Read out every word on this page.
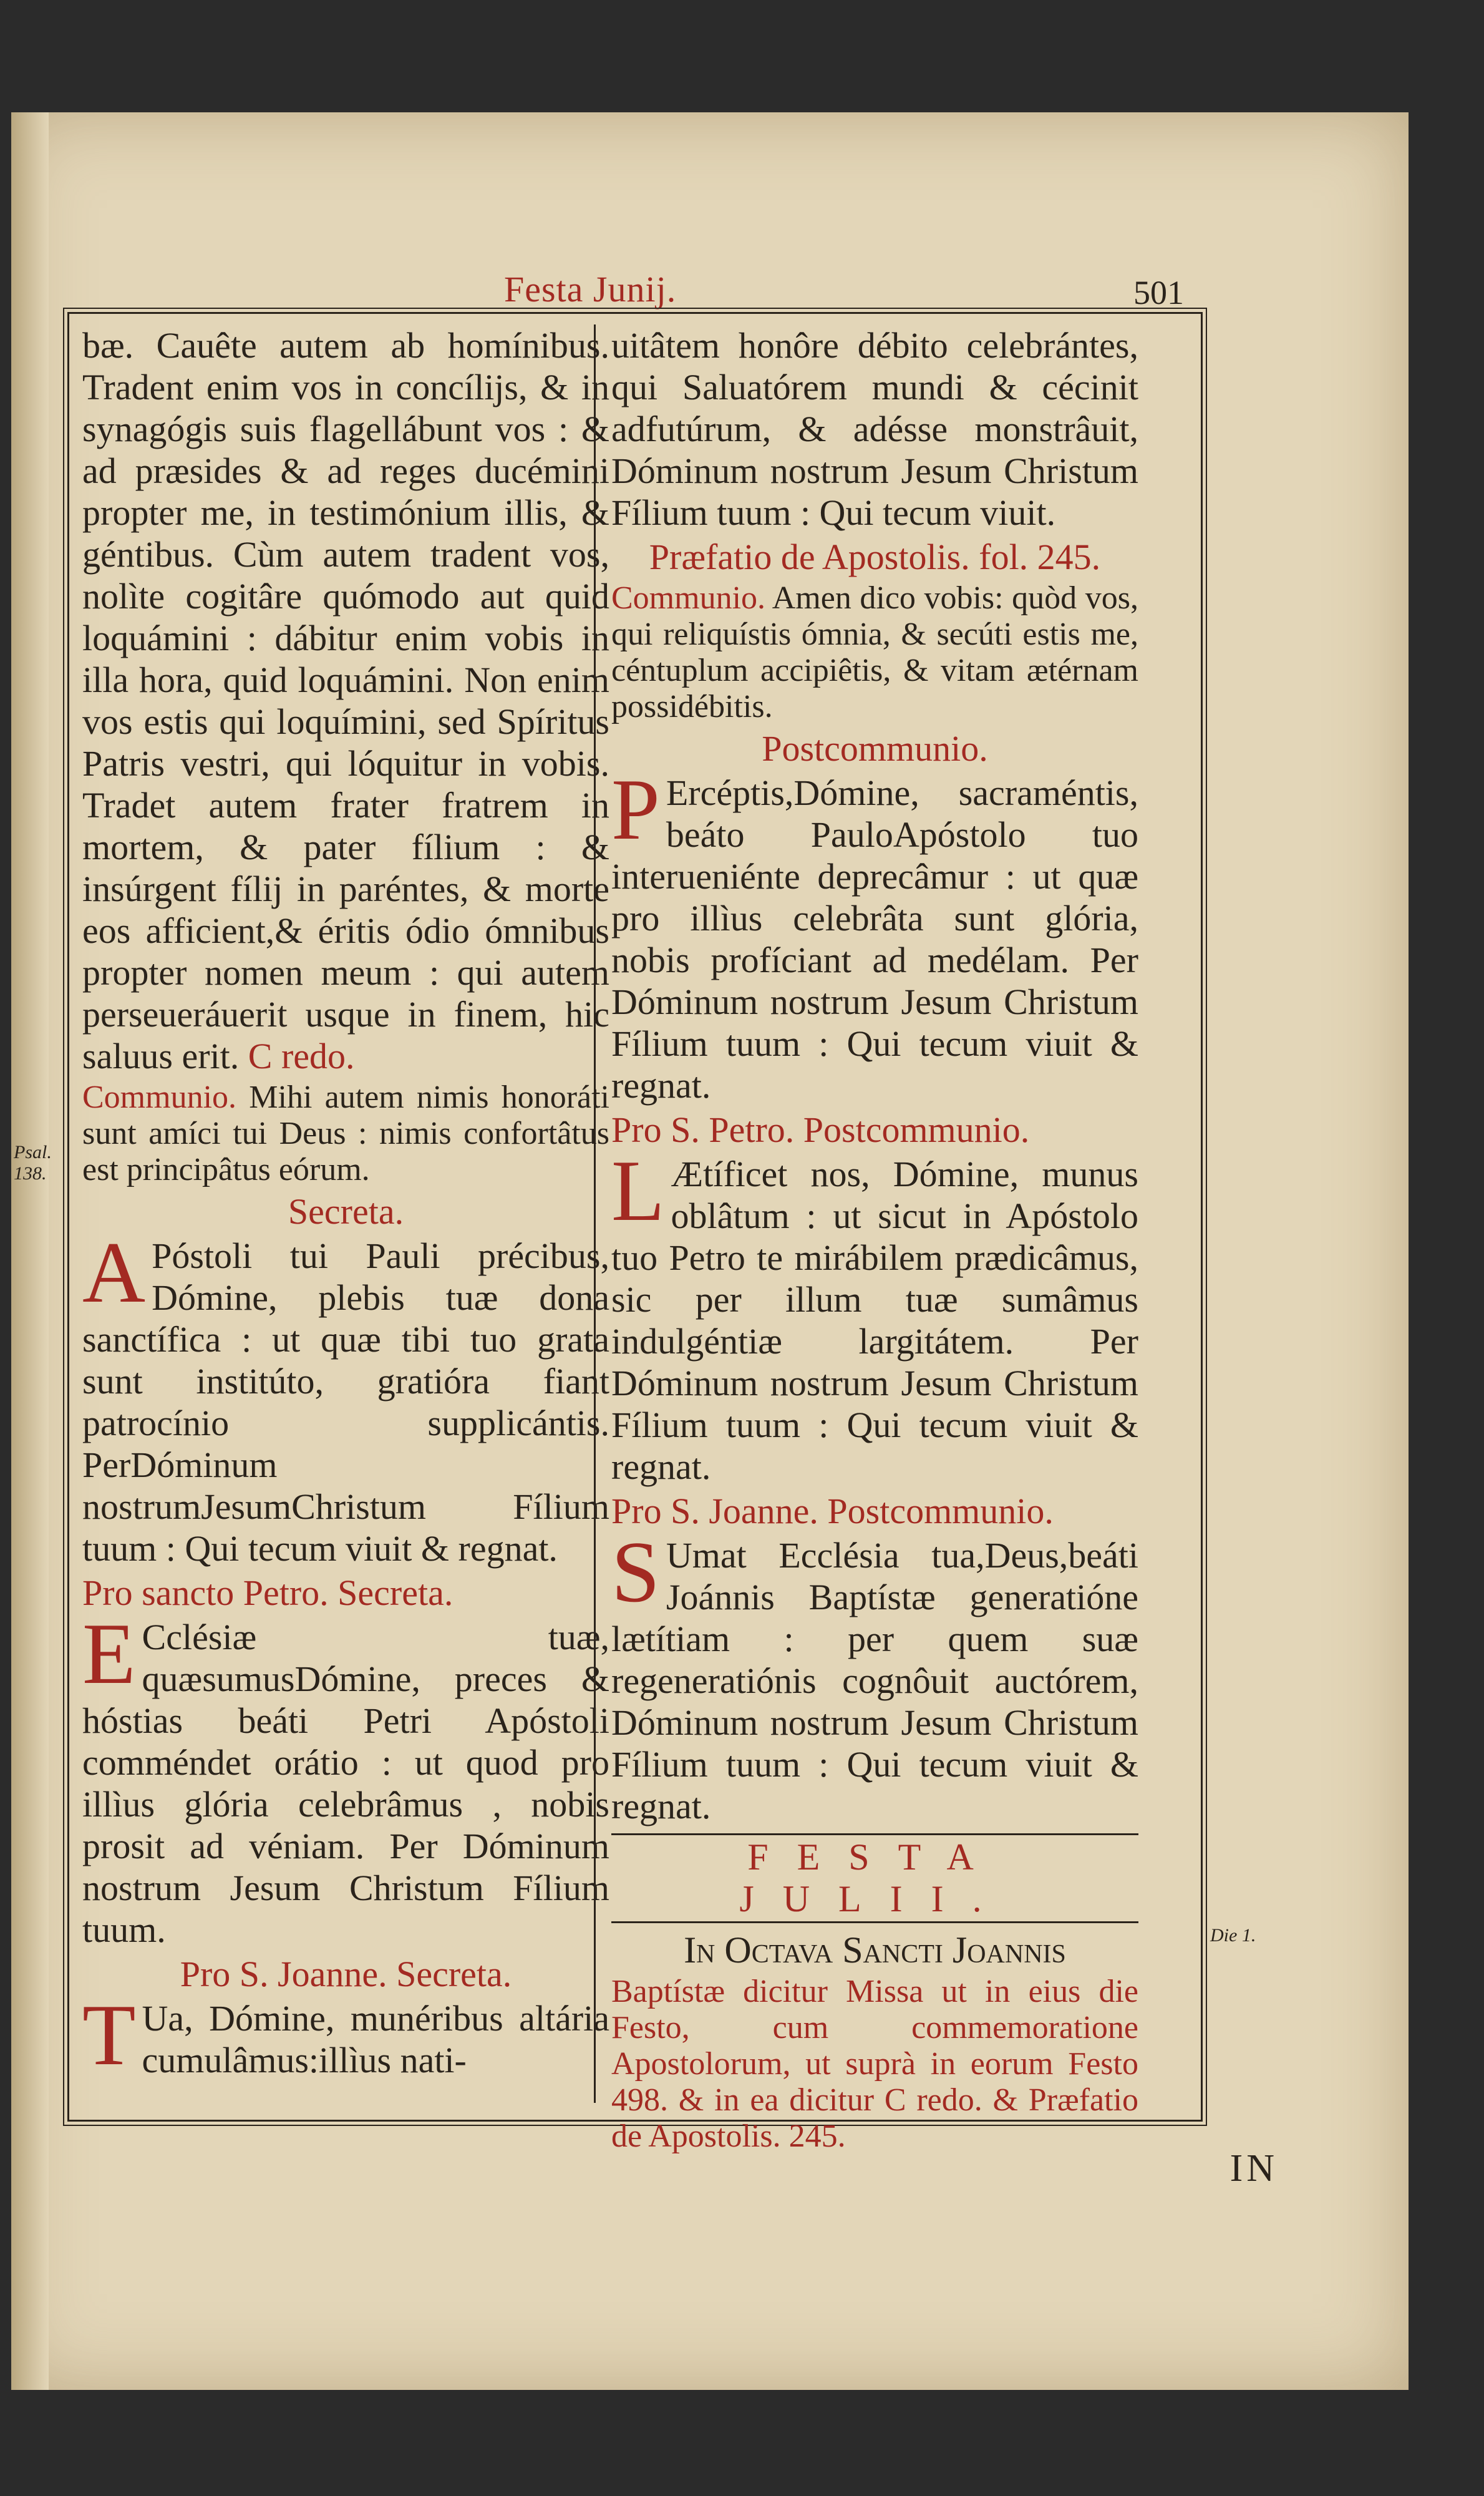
Festa Junij.	501
Psal. 138.
Die 1.

bæ. Cauête autem ab homínibus. Tradent enim vos in concílijs, & in synagógis suis flagellábunt vos : & ad præsides & ad reges ducémini propter me, in testimónium illis, & géntibus. Cùm autem tradent vos, nolìte cogitâre quómodo aut quid loquámini : dábitur enim vobis in illa hora, quid loquámini. Non enim vos estis qui loquímini, sed Spíritus Patris vestri, qui lóquitur in vobis. Tradet autem frater fratrem in mortem, & pater fílium : & insúrgent fílij in paréntes, & morte eos afficient,& éritis ódio ómnibus propter nomen meum : qui autem perseueráuerit usque in finem, hic saluus erit. C redo.

Communio. Mihi autem nimis honoráti sunt amíci tui Deus : nimis confortâtus est principâtus eórum.

Secreta.

A Póstoli tui Pauli précibus, Dómine, plebis tuæ dona sanctífica : ut quæ tibi tuo grata sunt institúto, gratióra fiant patrocínio supplicántis. PerDóminum nostrumJesumChristum Fílium tuum : Qui tecum viuit & regnat.

Pro sancto Petro. Secreta.

E Cclésiæ tuæ, quæsumusDómine, preces & hóstias beáti Petri Apóstoli comméndet orátio : ut quod pro illìus glória celebrâmus , nobis prosit ad véniam. Per Dóminum nostrum Jesum Christum Fílium tuum.

Pro S. Joanne. Secreta.

T Ua, Dómine, munéribus altária cumulâmus:illìus nati-

uitâtem honôre débito celebrántes, qui Saluatórem mundi & cécinit adfutúrum, & adésse monstrâuit, Dóminum nostrum Jesum Christum Fílium tuum : Qui tecum viuit.

Præfatio de Apostolis. fol. 245.

Communio. Amen dico vobis: quòd vos, qui reliquístis ómnia, & secúti estis me, céntuplum accipiêtis, & vitam ætérnam possidébitis.

Postcommunio.

P Ercéptis,Dómine, sacraméntis, beáto PauloApóstolo tuo interueniénte deprecâmur : ut quæ pro illìus celebrâta sunt glória, nobis profíciant ad medélam. Per Dóminum nostrum Jesum Christum Fílium tuum : Qui tecum viuit & regnat.

Pro S. Petro. Postcommunio.

L Ætíficet nos, Dómine, munus oblâtum : ut sicut in Apóstolo tuo Petro te mirábilem prædicâmus, sic per illum tuæ sumâmus indulgéntiæ largitátem. Per Dóminum nostrum Jesum Christum Fílium tuum : Qui tecum viuit & regnat.

Pro S. Joanne. Postcommunio.

S Umat Ecclésia tua,Deus,beáti Joánnis Baptístæ generatióne lætítiam : per quem suæ regeneratiónis cognôuit auctórem, Dóminum nostrum Jesum Christum Fílium tuum : Qui tecum viuit & regnat.

FESTA JULII.

In Octava Sancti Joannis

Baptístæ dicitur Missa ut in eius die Festo, cum commemoratione Apostolorum, ut suprà in eorum Festo 498. & in ea dicitur C redo. & Præfatio de Apostolis. 245.

IN
